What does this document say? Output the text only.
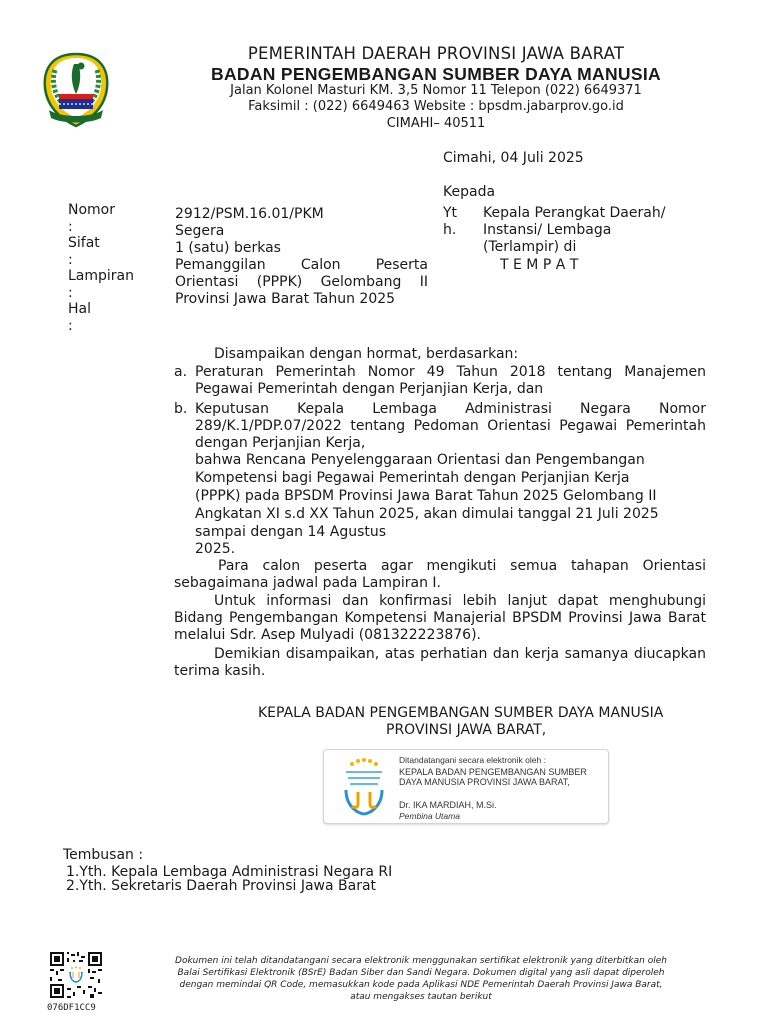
PEMERINTAH DAERAH PROVINSI JAWA BARAT
BADAN PENGEMBANGAN SUMBER DAYA MANUSIA
Jalan Kolonel Masturi KM. 3,5 Nomor 11 Telepon (022) 6649371
Faksimil : (022) 6649463 Website : bpsdm.jabarprov.go.id
CIMAHI– 40511
Cimahi, 04 Juli 2025
Kepada
Yth.
Kepala Perangkat Daerah/
Instansi/ Lembaga
(Terlampir) di
T E M P A T
Nomor
:
Sifat
:
Lampiran
:
Hal
:
2912/PSM.16.01/PKM
Segera
1 (satu) berkas
Pemanggilan Calon Peserta Orientasi (PPPK) Gelombang II Provinsi Jawa Barat Tahun 2025
Disampaikan dengan hormat, berdasarkan:
a. Peraturan Pemerintah Nomor 49 Tahun 2018 tentang Manajemen Pegawai Pemerintah dengan Perjanjian Kerja, dan
b. Keputusan Kepala Lembaga Administrasi Negara Nomor 289/K.1/PDP.07/2022 tentang Pedoman Orientasi Pegawai Pemerintah dengan Perjanjian Kerja,
bahwa Rencana Penyelenggaraan Orientasi dan Pengembangan
Kompetensi bagi Pegawai Pemerintah dengan Perjanjian Kerja
(PPPK) pada BPSDM Provinsi Jawa Barat Tahun 2025 Gelombang II
Angkatan XI s.d XX Tahun 2025, akan dimulai tanggal 21 Juli 2025
sampai dengan 14 Agustus
2025.
Para calon peserta agar mengikuti semua tahapan Orientasi sebagaimana jadwal pada Lampiran I.
Untuk informasi dan konfirmasi lebih lanjut dapat menghubungi Bidang Pengembangan Kompetensi Manajerial BPSDM Provinsi Jawa Barat melalui Sdr. Asep Mulyadi (081322223876).
Demikian disampaikan, atas perhatian dan kerja samanya diucapkan terima kasih.
KEPALA BADAN PENGEMBANGAN SUMBER DAYA MANUSIA
PROVINSI JAWA BARAT,
Ditandatangani secara elektronik oleh :
KEPALA BADAN PENGEMBANGAN SUMBER
DAYA MANUSIA PROVINSI JAWA BARAT,
Dr. IKA MARDIAH, M.Si.
Pembina Utama
Tembusan :
1.Yth. Kepala Lembaga Administrasi Negara RI
2.Yth. Sekretaris Daerah Provinsi Jawa Barat
076DF1CC9
Dokumen ini telah ditandatangani secara elektronik menggunakan sertifikat elektronik yang diterbitkan oleh
Balai Sertifikasi Elektronik (BSrE) Badan Siber dan Sandi Negara. Dokumen digital yang asli dapat diperoleh
dengan memindai QR Code, memasukkan kode pada Aplikasi NDE Pemerintah Daerah Provinsi Jawa Barat,
atau mengakses tautan berikut
